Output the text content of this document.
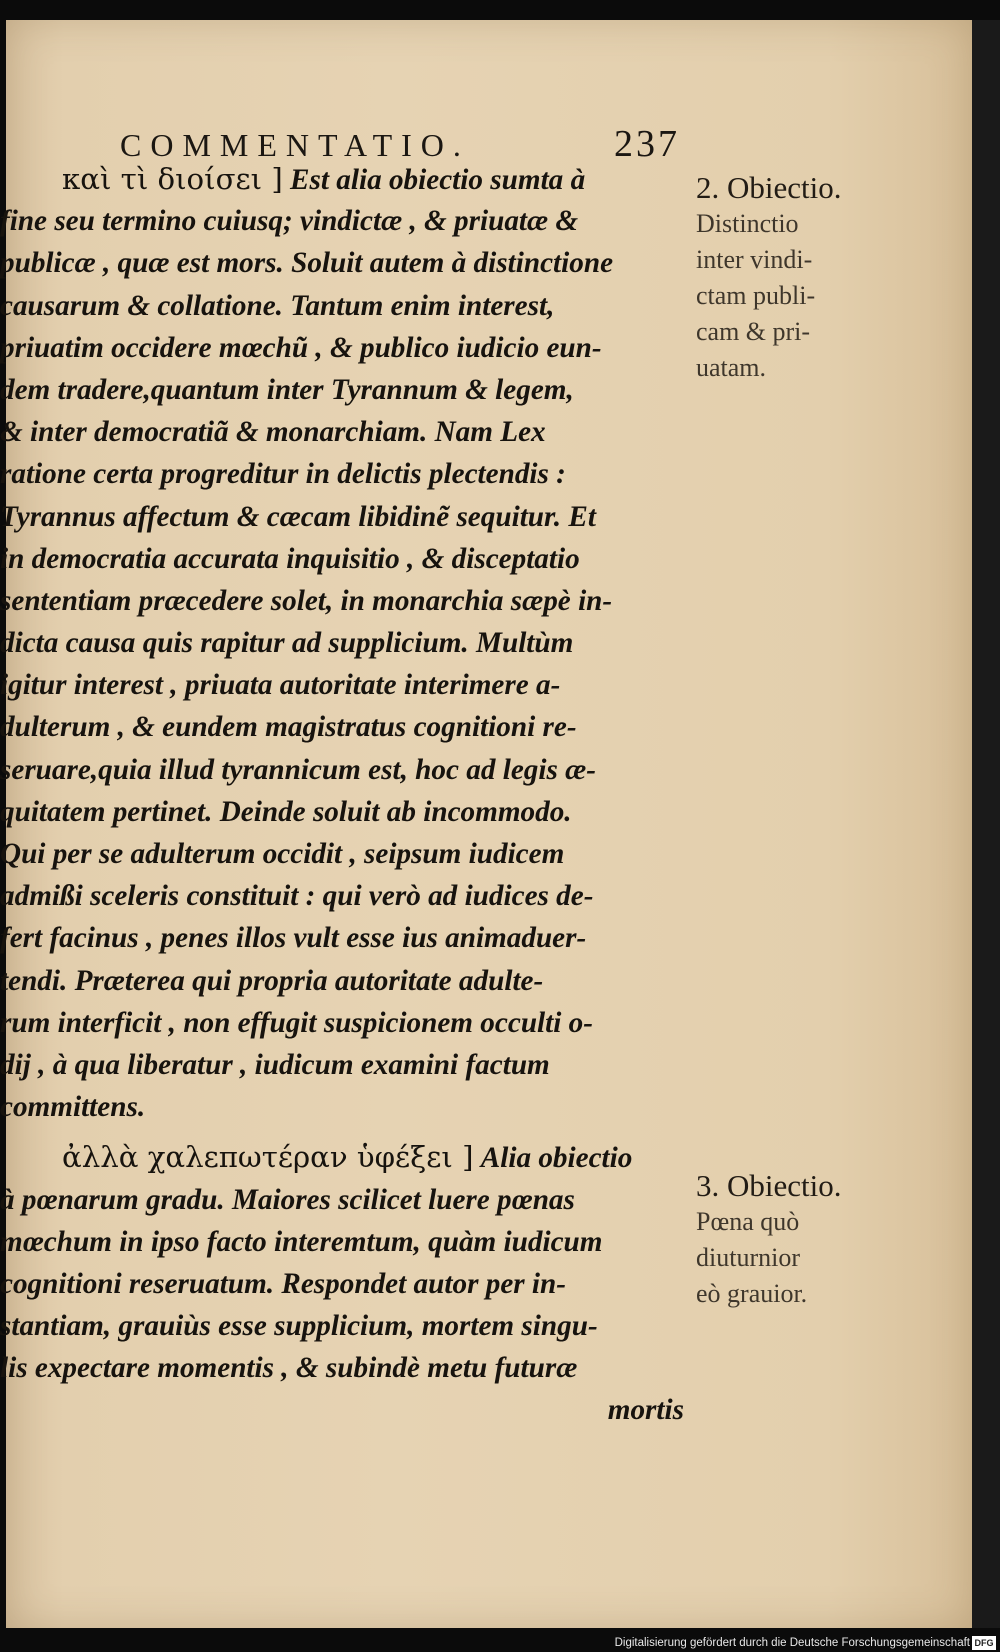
COMMENTATIO.	237

καὶ τὶ διοίσει ] Est alia obiectio sumta à
fine seu termino cuiusq; vindictæ , & priuatæ &
publicæ , quæ est mors. Soluit autem à distinctione
causarum & collatione. Tantum enim interest,
priuatim occidere mœchũ , & publico iudicio eun-
dem tradere,quantum inter Tyrannum & legem,
& inter democratiã & monarchiam. Nam Lex
ratione certa progreditur in delictis plectendis :
Tyrannus affectum & cæcam libidinẽ sequitur. Et
in democratia accurata inquisitio , & disceptatio
sententiam præcedere solet, in monarchia sæpè in-
dicta causa quis rapitur ad supplicium. Multùm
igitur interest , priuata autoritate interimere a-
dulterum , & eundem magistratus cognitioni re-
seruare,quia illud tyrannicum est, hoc ad legis æ-
quitatem pertinet. Deinde soluit ab incommodo.
Qui per se adulterum occidit , seipsum iudicem
admißi sceleris constituit : qui verò ad iudices de-
fert facinus , penes illos vult esse ius animaduer-
tendi. Præterea qui propria autoritate adulte-
rum interficit , non effugit suspicionem occulti o-
dij , à qua liberatur , iudicum examini factum
committens.

ἀλλὰ χαλεπωτέραν ὑφέξει ] Alia obiectio
à pœnarum gradu. Maiores scilicet luere pœnas
mœchum in ipso facto interemtum, quàm iudicum
cognitioni reseruatum. Respondet autor per in-
stantiam, grauiùs esse supplicium, mortem singu-
lis expectare momentis , & subindè metu futuræ
mortis

2. Obiectio.
Distinctio
inter vindi-
ctam publi-
cam & pri-
uatam.
3. Obiectio.
Pœna quò
diuturnior
eò grauior.
Digitalisierung gefördert durch die Deutsche Forschungsgemeinschaft DFG
